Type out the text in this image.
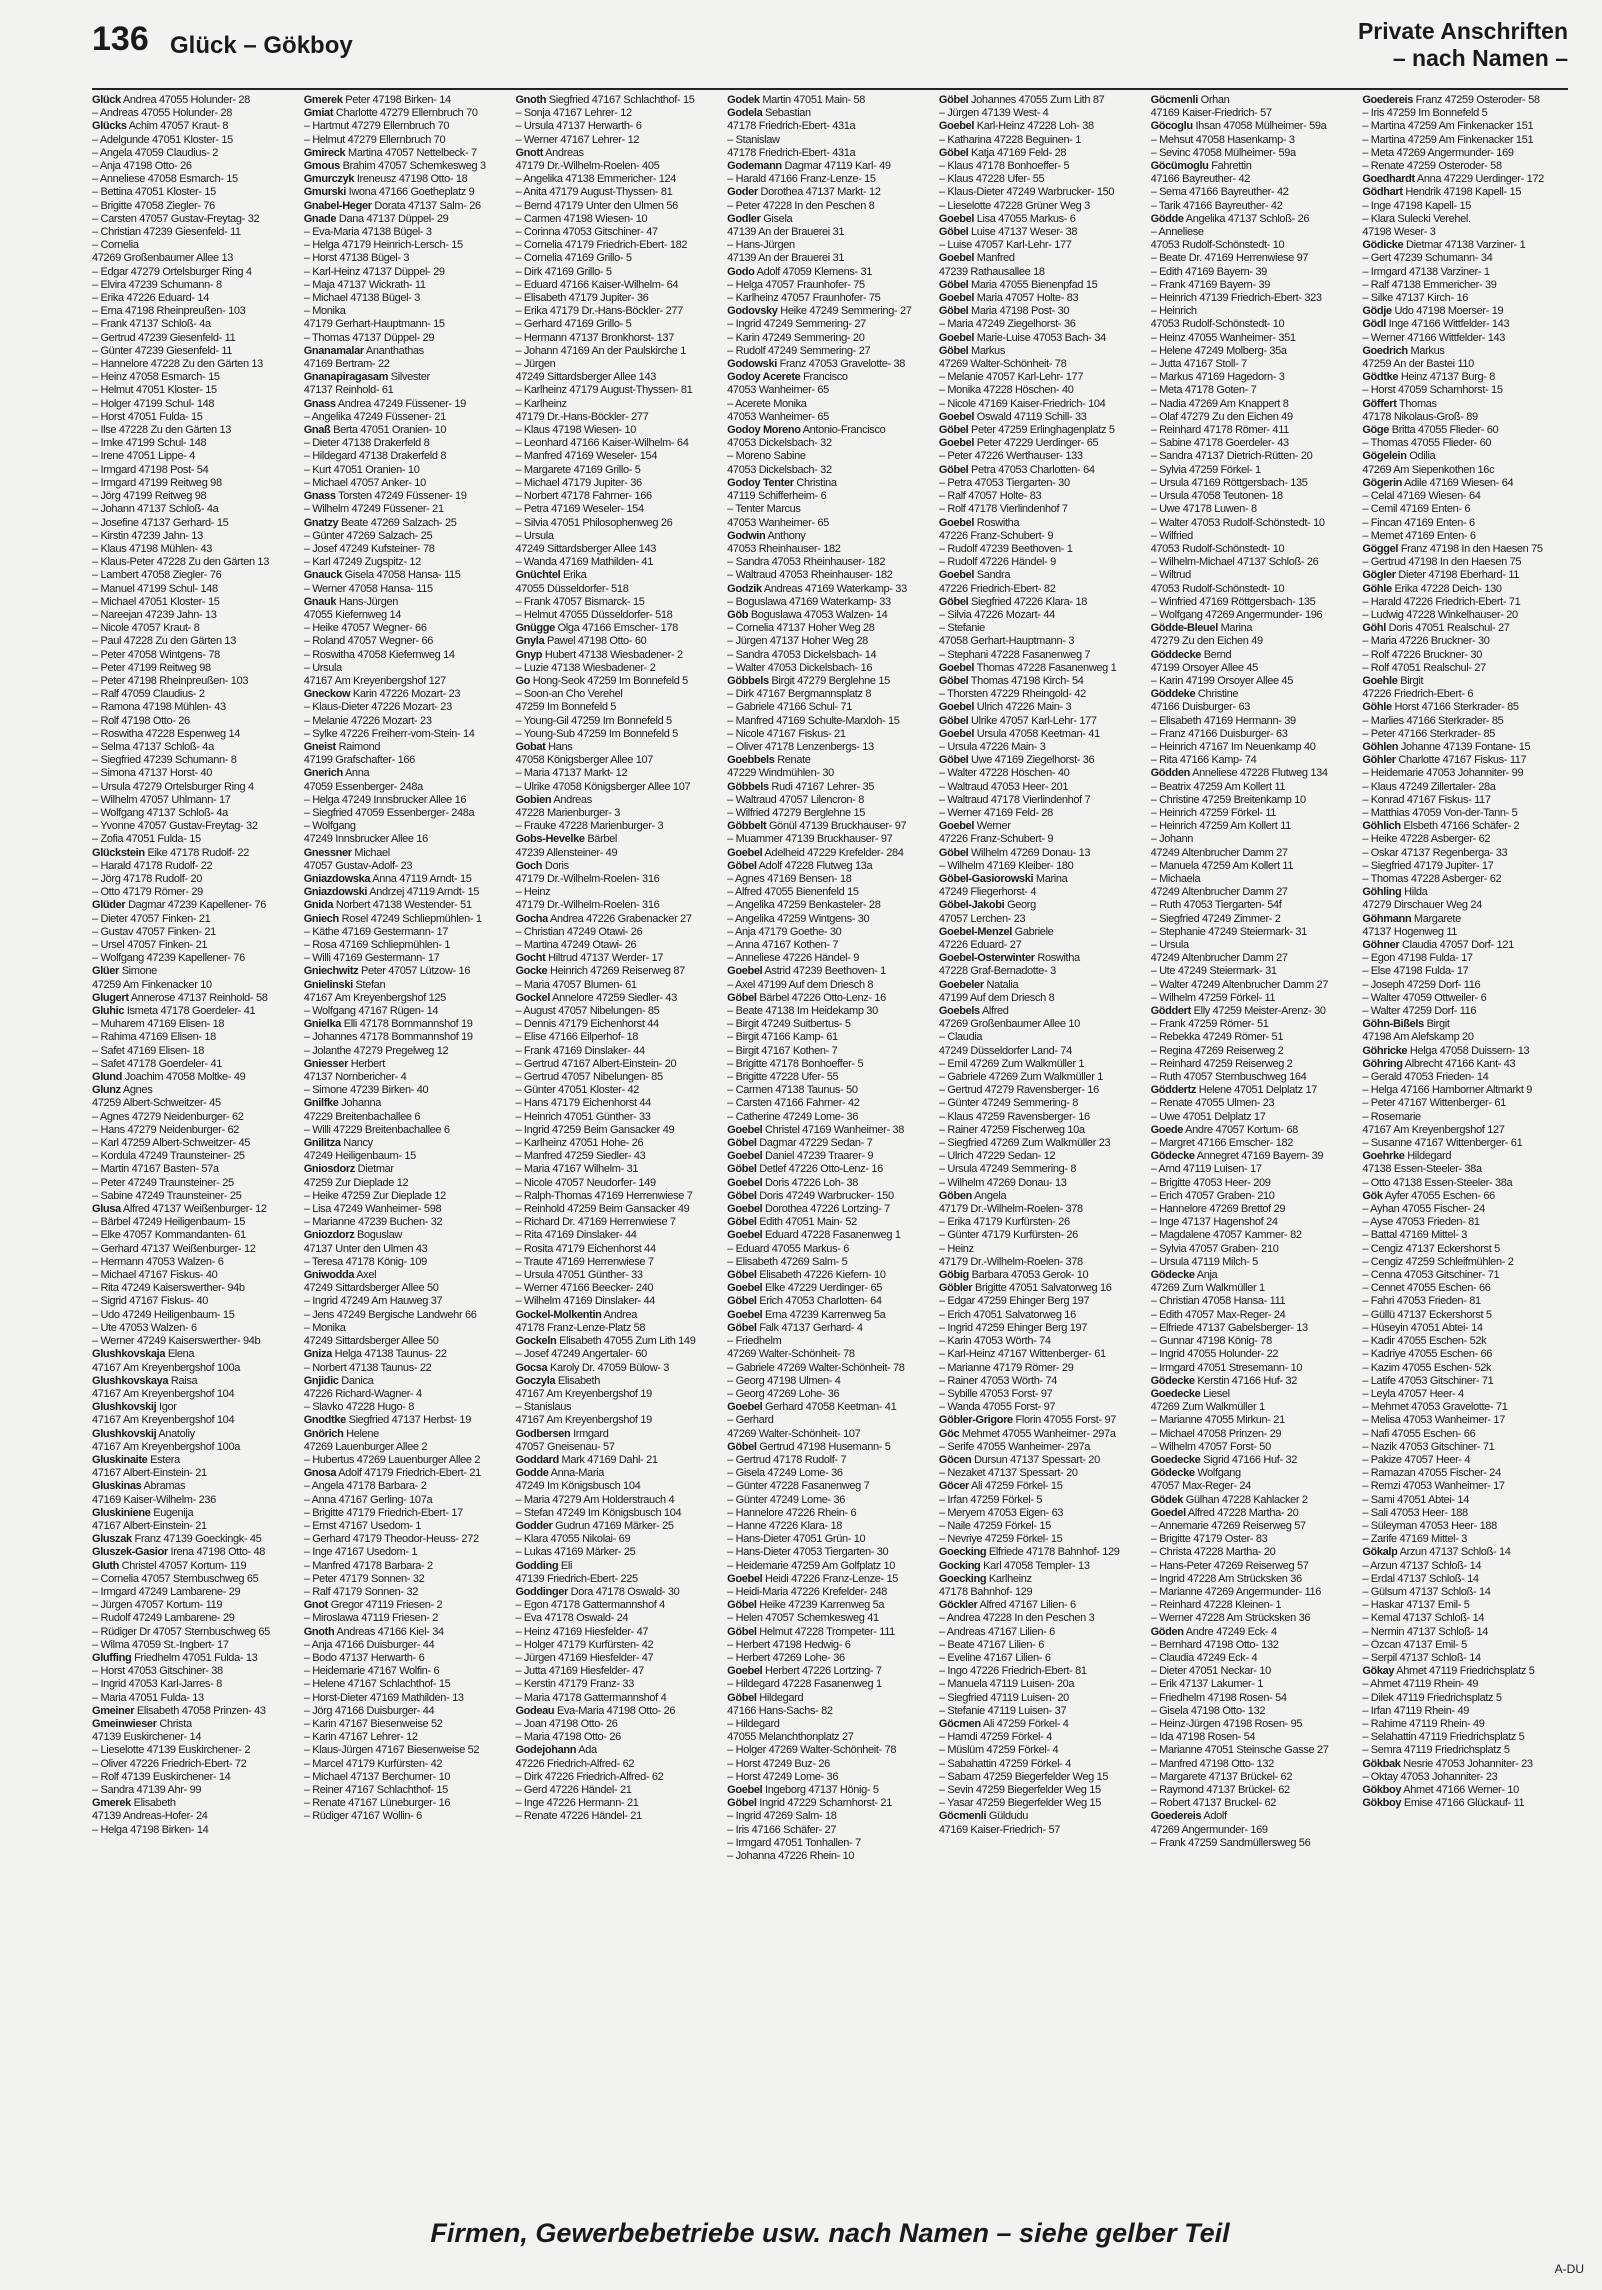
136 Glück – Gökboy
Private Anschriften
– nach Namen –
Glück Andrea 47055 Holunder- 28
– Andreas 47055 Holunder- 28
Glücks Achim 47057 Kraut- 8
– Adelgunde 47051 Kloster- 15
– Angela 47059 Claudius- 2
– Anja 47198 Otto- 26
– Anneliese 47058 Esmarch- 15
– Bettina 47051 Kloster- 15
– Brigitte 47058 Ziegler- 76
– Carsten 47057 Gustav-Freytag- 32
– Christian 47239 Giesenfeld- 11
– Cornelia
47269 Großenbaumer Allee 13
– Edgar 47279 Ortelsburger Ring 4
– Elvira 47239 Schumann- 8
– Erika 47226 Eduard- 14
– Erna 47198 Rheinpreußen- 103
– Frank 47137 Schloß- 4a
– Gertrud 47239 Giesenfeld- 11
– Günter 47239 Giesenfeld- 11
– Hannelore 47228 Zu den Gärten 13
– Heinz 47058 Esmarch- 15
– Helmut 47051 Kloster- 15
– Holger 47199 Schul- 148
– Horst 47051 Fulda- 15
– Ilse 47228 Zu den Gärten 13
– Imke 47199 Schul- 148
– Irene 47051 Lippe- 4
– Irmgard 47198 Post- 54
– Irmgard 47199 Reitweg 98
– Jörg 47199 Reitweg 98
– Johann 47137 Schloß- 4a
– Josefine 47137 Gerhard- 15
– Kirstin 47239 Jahn- 13
– Klaus 47198 Mühlen- 43
– Klaus-Peter 47228 Zu den Gärten 13
– Lambert 47058 Ziegler- 76
– Manuel 47199 Schul- 148
– Michael 47051 Kloster- 15
– Nareejan 47239 Jahn- 13
– Nicole 47057 Kraut- 8
– Paul 47228 Zu den Gärten 13
– Peter 47058 Wintgens- 78
– Peter 47199 Reitweg 98
– Peter 47198 Rheinpreußen- 103
– Ralf 47059 Claudius- 2
– Ramona 47198 Mühlen- 43
– Rolf 47198 Otto- 26
– Roswitha 47228 Espenweg 14
– Selma 47137 Schloß- 4a
– Siegfried 47239 Schumann- 8
– Simona 47137 Horst- 40
– Ursula 47279 Ortelsburger Ring 4
– Wilhelm 47057 Uhlmann- 17
– Wolfgang 47137 Schloß- 4a
– Yvonne 47057 Gustav-Freytag- 32
– Zofia 47051 Fulda- 15
Glückstein Eike 47178 Rudolf- 22
– Harald 47178 Rudolf- 22
– Jörg 47178 Rudolf- 20
– Otto 47179 Römer- 29
Glüder Dagmar 47239 Kapellener- 76
– Dieter 47057 Finken- 21
– Gustav 47057 Finken- 21
– Ursel 47057 Finken- 21
– Wolfgang 47239 Kapellener- 76
Glüer Simone
47259 Am Finkenacker 10
Glugert Annerose 47137 Reinhold- 58
Gluhic Ismeta 47178 Goerdeler- 41
– Muharem 47169 Elisen- 18
– Rahima 47169 Elisen- 18
– Safet 47169 Elisen- 18
– Safet 47178 Goerdeler- 41
Glund Joachim 47058 Moltke- 49
Glunz Agnes
47259 Albert-Schweitzer- 45
– Agnes 47279 Neidenburger- 62
– Hans 47279 Neidenburger- 62
– Karl 47259 Albert-Schweitzer- 45
– Kordula 47249 Traunsteiner- 25
– Martin 47167 Basten- 57a
– Peter 47249 Traunsteiner- 25
– Sabine 47249 Traunsteiner- 25
Glusa Alfred 47137 Weißenburger- 12
– Bärbel 47249 Heiligenbaum- 15
– Elke 47057 Kommandanten- 61
– Gerhard 47137 Weißenburger- 12
– Hermann 47053 Walzen- 6
– Michael 47167 Fiskus- 40
– Rita 47249 Kaiserswerther- 94b
– Sigrid 47167 Fiskus- 40
– Udo 47249 Heiligenbaum- 15
– Ute 47053 Walzen- 6
– Werner 47249 Kaiserswerther- 94b
Glushkovskaja Elena
47167 Am Kreyenbergshof 100a
Glushkovskaya Raisa
47167 Am Kreyenbergshof 104
Glushkovskij Igor
47167 Am Kreyenbergshof 104
Glushkovskij Anatoliy
47167 Am Kreyenbergshof 100a
Gluskinaite Estera
47167 Albert-Einstein- 21
Gluskinas Abramas
47169 Kaiser-Wilhelm- 236
Gluskiniene Eugenija
47167 Albert-Einstein- 21
Gluszak Franz 47139 Goeckingk- 45
Gluszek-Gasior Irena 47198 Otto- 48
Gluth Christel 47057 Kortum- 119
– Cornelia 47057 Sternbuschweg 65
– Irmgard 47249 Lambarene- 29
– Jürgen 47057 Kortum- 119
– Rudolf 47249 Lambarene- 29
– Rüdiger Dr 47057 Sternbuschweg 65
– Wilma 47059 St.-Ingbert- 17
Gluffing Friedhelm 47051 Fulda- 13
– Horst 47053 Gitschiner- 38
– Ingrid 47053 Karl-Jarres- 8
– Maria 47051 Fulda- 13
Gmeiner Elisabeth 47058 Prinzen- 43
Gmeinwieser Christa
47139 Euskirchener- 14
– Lieselotte 47139 Euskirchener- 2
– Oliver 47226 Friedrich-Ebert- 72
– Rolf 47139 Euskirchener- 14
– Sandra 47139 Ahr- 99
Gmerek Elisabeth
47139 Andreas-Hofer- 24
– Helga 47198 Birken- 14
Gmerek Peter 47198 Birken- 14
Gmiat Charlotte 47279 Ellernbruch 70
– Hartmut 47279 Ellernbruch 70
– Helmut 47279 Ellernbruch 70
Gmireck Martina 47057 Nettelbeck- 7
Gmous Brahim 47057 Schemkesweg 3
Gmurczyk Ireneusz 47198 Otto- 18
Gmurski Iwona 47166 Goetheplatz 9
Gnabel-Heger Dorata 47137 Salm- 26
Gnade Dana 47137 Düppel- 29
– Eva-Maria 47138 Bügel- 3
– Helga 47179 Heinrich-Lersch- 15
– Horst 47138 Bügel- 3
– Karl-Heinz 47137 Düppel- 29
– Maja 47137 Wickrath- 11
– Michael 47138 Bügel- 3
– Monika
47179 Gerhart-Hauptmann- 15
– Thomas 47137 Düppel- 29
Gnanamalar Ananthathas
47169 Bertram- 22
Gnanapiragasam Silvester
47137 Reinhold- 61
Gnass Andrea 47249 Füssener- 19
– Angelika 47249 Füssener- 21
Gnaß Berta 47051 Oranien- 10
– Dieter 47138 Drakerfeld 8
– Hildegard 47138 Drakerfeld 8
– Kurt 47051 Oranien- 10
– Michael 47057 Anker- 10
Gnass Torsten 47249 Füssener- 19
– Wilhelm 47249 Füssener- 21
Gnatzy Beate 47269 Salzach- 25
– Günter 47269 Salzach- 25
– Josef 47249 Kufsteiner- 78
– Karl 47249 Zugspitz- 12
Gnauck Gisela 47058 Hansa- 115
– Werner 47058 Hansa- 115
Gnauk Hans-Jürgen
47055 Kiefernweg 14
– Heike 47057 Wegner- 66
– Roland 47057 Wegner- 66
– Roswitha 47058 Kiefernweg 14
– Ursula
47167 Am Kreyenbergshof 127
Gneckow Karin 47226 Mozart- 23
– Klaus-Dieter 47226 Mozart- 23
– Melanie 47226 Mozart- 23
– Sylke 47226 Freiherr-vom-Stein- 14
Gneist Raimond
47199 Grafschafter- 166
Gnerich Anna
47059 Essenberger- 248a
– Helga 47249 Innsbrucker Allee 16
– Siegfried 47059 Essenberger- 248a
– Wolfgang
47249 Innsbrucker Allee 16
Gnessner Michael
47057 Gustav-Adolf- 23
Gniazdowska Anna 47119 Arndt- 15
Gniazdowski Andrzej 47119 Arndt- 15
Gnida Norbert 47138 Westender- 51
Gniech Rosel 47249 Schliepmühlen- 1
– Käthe 47169 Gestermann- 17
– Rosa 47169 Schliepmühlen- 1
– Willi 47169 Gestermann- 17
Gniechwitz Peter 47057 Lützow- 16
Gnielinski Stefan
47167 Am Kreyenbergshof 125
– Wolfgang 47167 Rügen- 14
Gnielka Elli 47178 Bommannshof 19
– Johannes 47178 Bommannshof 19
– Jolanthe 47279 Pregelweg 12
Gniesser Herbert
47137 Nornbericher- 4
– Simone 47239 Birken- 40
Gnilfke Johanna
47229 Breitenbachallee 6
– Willi 47229 Breitenbachallee 6
Gnilitza Nancy
47249 Heiligenbaum- 15
Gniosdorz Dietmar
47259 Zur Dieplade 12
– Heike 47259 Zur Dieplade 12
– Lisa 47249 Wanheimer- 598
– Marianne 47239 Buchen- 32
Gniozdorz Boguslaw
47137 Unter den Ulmen 43
– Teresa 47178 König- 109
Gniwodda Axel
47249 Sittardsberger Allee 50
– Ingrid 47249 Am Hauweg 37
– Jens 47249 Bergische Landwehr 66
– Monika
47249 Sittardsberger Allee 50
Gniza Helga 47138 Taunus- 22
– Norbert 47138 Taunus- 22
Gnjidic Danica
47226 Richard-Wagner- 4
– Slavko 47228 Hugo- 8
Gnodtke Siegfried 47137 Herbst- 19
Gnörich Helene
47269 Lauenburger Allee 2
– Hubertus 47269 Lauenburger Allee 2
Gnosa Adolf 47179 Friedrich-Ebert- 21
– Angela 47178 Barbara- 2
– Anna 47167 Gerling- 107a
– Brigitte 47179 Friedrich-Ebert- 17
– Ernst 47167 Usedom- 1
– Gerhard 47179 Theodor-Heuss- 272
– Inge 47167 Usedom- 1
– Manfred 47178 Barbara- 2
– Peter 47179 Sonnen- 32
– Ralf 47179 Sonnen- 32
Gnot Gregor 47119 Friesen- 2
– Miroslawa 47119 Friesen- 2
Gnoth Andreas 47166 Kiel- 34
– Anja 47166 Duisburger- 44
– Bodo 47137 Herwarth- 6
– Heidemarie 47167 Wolfin- 6
– Helene 47167 Schlachthof- 15
– Horst-Dieter 47169 Mathilden- 13
– Jörg 47166 Duisburger- 44
– Karin 47167 Biesenweise 52
– Karin 47167 Lehrer- 12
– Klaus-Jürgen 47167 Biesenweise 52
– Marcel 47179 Kurfürsten- 42
– Michael 47137 Berchumer- 10
– Reiner 47167 Schlachthof- 15
– Renate 47167 Lüneburger- 16
– Rüdiger 47167 Wollin- 6
Gnoth Siegfried 47167 Schlachthof- 15
– Sonja 47167 Lehrer- 12
– Ursula 47137 Herwarth- 6
– Werner 47167 Lehrer- 12
Gnott Andreas
47179 Dr.-Wilhelm-Roelen- 405
– Angelika 47138 Emmericher- 124
– Anita 47179 August-Thyssen- 81
– Bernd 47179 Unter den Ulmen 56
– Carmen 47198 Wiesen- 10
– Corinna 47053 Gitschiner- 47
– Cornelia 47179 Friedrich-Ebert- 182
– Cornelia 47169 Grillo- 5
– Dirk 47169 Grillo- 5
– Eduard 47166 Kaiser-Wilhelm- 64
– Elisabeth 47179 Jupiter- 36
– Erika 47179 Dr.-Hans-Böckler- 277
– Gerhard 47169 Grillo- 5
– Hermann 47137 Bronkhorst- 137
– Johann 47169 An der Paulskirche 1
– Jürgen
47249 Sittardsberger Allee 143
– Karlheinz 47179 August-Thyssen- 81
– Karlheinz
47179 Dr.-Hans-Böckler- 277
– Klaus 47198 Wiesen- 10
– Leonhard 47166 Kaiser-Wilhelm- 64
– Manfred 47169 Weseler- 154
– Margarete 47169 Grillo- 5
– Michael 47179 Jupiter- 36
– Norbert 47178 Fahrner- 166
– Petra 47169 Weseler- 154
– Silvia 47051 Philosophenweg 26
– Ursula
47249 Sittardsberger Allee 143
– Wanda 47169 Mathilden- 41
Gnüchtel Erika
47055 Düsseldorfer- 518
– Frank 47057 Bismarck- 15
– Helmut 47055 Düsseldorfer- 518
Gnügge Olga 47166 Emscher- 178
Gnyla Pawel 47198 Otto- 60
Gnyp Hubert 47138 Wiesbadener- 2
– Luzie 47138 Wiesbadener- 2
Go Hong-Seok 47259 Im Bonnefeld 5
– Soon-an Cho Verehel
47259 Im Bonnefeld 5
– Young-Gil 47259 Im Bonnefeld 5
– Young-Sub 47259 Im Bonnefeld 5
Gobat Hans
47058 Königsberger Allee 107
– Maria 47137 Markt- 12
– Ulrike 47058 Königsberger Allee 107
Gobien Andreas
47228 Marienburger- 3
– Frauke 47228 Marienburger- 3
Gobs-Hevelke Bärbel
47239 Allensteiner- 49
Goch Doris
47179 Dr.-Wilhelm-Roelen- 316
– Heinz
47179 Dr.-Wilhelm-Roelen- 316
Gocha Andrea 47226 Grabenacker 27
– Christian 47249 Otawi- 26
– Martina 47249 Otawi- 26
Gocht Hiltrud 47137 Werder- 17
Gocke Heinrich 47269 Reiserweg 87
– Maria 47057 Blumen- 61
Gockel Annelore 47259 Siedler- 43
– August 47057 Nibelungen- 85
– Dennis 47179 Eichenhorst 44
– Elise 47166 Eilperhof- 18
– Frank 47169 Dinslaker- 44
– Gertrud 47167 Albert-Einstein- 20
– Gertrud 47057 Nibelungen- 85
– Günter 47051 Kloster- 42
– Hans 47179 Eichenhorst 44
– Heinrich 47051 Günther- 33
– Ingrid 47259 Beim Gansacker 49
– Karlheinz 47051 Hohe- 26
– Manfred 47259 Siedler- 43
– Maria 47167 Wilhelm- 31
– Nicole 47057 Neudorfer- 149
– Ralph-Thomas 47169 Herrenwiese 7
– Reinhold 47259 Beim Gansacker 49
– Richard Dr. 47169 Herrenwiese 7
– Rita 47169 Dinslaker- 44
– Rosita 47179 Eichenhorst 44
– Traute 47169 Herrenwiese 7
– Ursula 47051 Günther- 33
– Werner 47166 Beecker- 240
– Wilhelm 47169 Dinslaker- 44
Gockel-Molkentin Andrea
47178 Franz-Lenze-Platz 58
Gockeln Elisabeth 47055 Zum Lith 149
– Josef 47249 Angertaler- 60
Gocsa Karoly Dr. 47059 Bülow- 3
Goczyla Elisabeth
47167 Am Kreyenbergshof 19
– Stanislaus
47167 Am Kreyenbergshof 19
Godbersen Irmgard
47057 Gneisenau- 57
Goddard Mark 47169 Dahl- 21
Godde Anna-Maria
47249 Im Königsbusch 104
– Maria 47279 Am Holderstrauch 4
– Stefan 47249 Im Königsbusch 104
Godder Gudrun 47169 Märker- 25
– Klara 47055 Nikolai- 69
– Lukas 47169 Märker- 25
Godding Eli
47139 Friedrich-Ebert- 225
Goddinger Dora 47178 Oswald- 30
– Egon 47178 Gattermannshof 4
– Eva 47178 Oswald- 24
– Heinz 47169 Hiesfelder- 47
– Holger 47179 Kurfürsten- 42
– Jürgen 47169 Hiesfelder- 47
– Jutta 47169 Hiesfelder- 47
– Kerstin 47179 Franz- 33
– Maria 47178 Gattermannshof 4
Godeau Eva-Maria 47198 Otto- 26
– Joan 47198 Otto- 26
– Maria 47198 Otto- 26
Godejohann Ada
47226 Friedrich-Alfred- 62
– Dirk 47226 Friedrich-Alfred- 62
– Gerd 47226 Händel- 21
– Inge 47226 Hermann- 21
– Renate 47226 Händel- 21
Godek Martin 47051 Main- 58
Godela Sebastian
47178 Friedrich-Ebert- 431a
– Stanislaw
47178 Friedrich-Ebert- 431a
Godemann Dagmar 47119 Karl- 49
– Harald 47166 Franz-Lenze- 15
Goder Dorothea 47137 Markt- 12
– Peter 47228 In den Peschen 8
Godler Gisela
47139 An der Brauerei 31
– Hans-Jürgen
47139 An der Brauerei 31
Godo Adolf 47059 Klemens- 31
– Helga 47057 Fraunhofer- 75
– Karlheinz 47057 Fraunhofer- 75
Godovsky Heike 47249 Semmering- 27
– Ingrid 47249 Semmering- 27
– Karin 47249 Semmering- 20
– Rudolf 47249 Semmering- 27
Godowski Franz 47053 Gravelotte- 38
Godoy Acerete Francisco
47053 Wanheimer- 65
– Acerete Monika
47053 Wanheimer- 65
Godoy Moreno Antonio-Francisco
47053 Dickelsbach- 32
– Moreno Sabine
47053 Dickelsbach- 32
Godoy Tenter Christina
47119 Schifferheim- 6
– Tenter Marcus
47053 Wanheimer- 65
Godwin Anthony
47053 Rheinhauser- 182
– Sandra 47053 Rheinhauser- 182
– Waltraud 47053 Rheinhauser- 182
Godzik Andreas 47169 Waterkamp- 33
– Boguslawa 47169 Waterkamp- 33
Göb Boguslawa 47053 Walzen- 14
– Cornelia 47137 Hoher Weg 28
– Jürgen 47137 Hoher Weg 28
– Sandra 47053 Dickelsbach- 14
– Walter 47053 Dickelsbach- 16
Göbbels Birgit 47279 Berglehne 15
– Dirk 47167 Bergmannsplatz 8
– Gabriele 47166 Schul- 71
– Manfred 47169 Schulte-Marxloh- 15
– Nicole 47167 Fiskus- 21
– Oliver 47178 Lenzenbergs- 13
Goebbels Renate
47229 Windmühlen- 30
Göbbels Rudi 47167 Lehrer- 35
– Waltraud 47057 Lilencron- 8
– Wilfried 47279 Berglehne 15
Göbbelt Gönül 47139 Bruckhauser- 97
– Muammer 47139 Bruckhauser- 97
Goebel Adelheid 47229 Krefelder- 284
Göbel Adolf 47228 Flutweg 13a
– Agnes 47169 Bensen- 18
– Alfred 47055 Bienenfeld 15
– Angelika 47259 Benkasteler- 28
– Angelika 47259 Wintgens- 30
– Anja 47179 Goethe- 30
– Anna 47167 Kothen- 7
– Anneliese 47226 Händel- 9
Goebel Astrid 47239 Beethoven- 1
– Axel 47199 Auf dem Driesch 8
Göbel Bärbel 47226 Otto-Lenz- 16
– Beate 47138 Im Heidekamp 30
– Birgit 47249 Suitbertus- 5
– Birgit 47166 Kamp- 61
– Birgit 47167 Kothen- 7
– Brigitte 47178 Bonhoeffer- 5
– Brigitte 47228 Ufer- 55
– Carmen 47138 Taunus- 50
– Carsten 47166 Fahrner- 42
– Catherine 47249 Lome- 36
Goebel Christel 47169 Wanheimer- 38
Göbel Dagmar 47229 Sedan- 7
Goebel Daniel 47239 Traarer- 9
Göbel Detlef 47226 Otto-Lenz- 16
Goebel Doris 47226 Loh- 38
Göbel Doris 47249 Warbrucker- 150
Goebel Dorothea 47226 Lortzing- 7
Göbel Edith 47051 Main- 52
Goebel Eduard 47228 Fasanenweg 1
– Eduard 47055 Markus- 6
– Elisabeth 47269 Salm- 5
Göbel Elisabeth 47226 Kiefern- 10
Goebel Elke 47229 Uerdinger- 65
Göbel Erich 47053 Charlotten- 64
Goebel Erna 47239 Karrenweg 5a
Göbel Falk 47137 Gerhard- 4
– Friedhelm
47269 Walter-Schönheit- 78
– Gabriele 47269 Walter-Schönheit- 78
– Georg 47198 Ulmen- 4
– Georg 47269 Lohe- 36
Goebel Gerhard 47058 Keetman- 41
– Gerhard
47269 Walter-Schönheit- 107
Göbel Gertrud 47198 Husemann- 5
– Gertrud 47178 Rudolf- 7
– Gisela 47249 Lome- 36
– Günter 47228 Fasanenweg 7
– Günter 47249 Lome- 36
– Hannelore 47226 Rhein- 6
– Hanne 47226 Klara- 18
– Hans-Dieter 47051 Grün- 10
– Hans-Dieter 47053 Tiergarten- 30
– Heidemarie 47259 Am Golfplatz 10
Goebel Heidi 47226 Franz-Lenze- 15
– Heidi-Maria 47226 Krefelder- 248
Göbel Heike 47239 Karrenweg 5a
– Helen 47057 Schemkesweg 41
Göbel Helmut 47228 Trompeter- 111
– Herbert 47198 Hedwig- 6
– Herbert 47269 Lohe- 36
Goebel Herbert 47226 Lortzing- 7
– Hildegard 47228 Fasanenweg 1
Göbel Hildegard
47166 Hans-Sachs- 82
– Hildegard
47055 Melanchthonplatz 27
– Holger 47269 Walter-Schönheit- 78
– Horst 47249 Buz- 26
– Horst 47249 Lome- 36
Goebel Ingeborg 47137 Hönig- 5
Göbel Ingrid 47229 Scharnhorst- 21
– Ingrid 47269 Salm- 18
– Iris 47166 Schäfer- 27
– Irmgard 47051 Tonhallen- 7
– Johanna 47226 Rhein- 10
Göbel Johannes 47055 Zum Lith 87
– Jürgen 47139 West- 4
Goebel Karl-Heinz 47228 Loh- 38
– Katharina 47228 Beguinen- 1
Göbel Katja 47169 Feld- 28
– Klaus 47178 Bonhoeffer- 5
– Klaus 47228 Ufer- 55
– Klaus-Dieter 47249 Warbrucker- 150
– Lieselotte 47228 Grüner Weg 3
Goebel Lisa 47055 Markus- 6
Göbel Luise 47137 Weser- 38
– Luise 47057 Karl-Lehr- 177
Goebel Manfred
47239 Rathausallee 18
Göbel Maria 47055 Bienenpfad 15
Goebel Maria 47057 Holte- 83
Göbel Maria 47198 Post- 30
– Maria 47249 Ziegelhorst- 36
Goebel Marie-Luise 47053 Bach- 34
Göbel Markus
47269 Walter-Schönheit- 78
– Melanie 47057 Karl-Lehr- 177
– Monika 47228 Höschen- 40
– Nicole 47169 Kaiser-Friedrich- 104
Goebel Oswald 47119 Schill- 33
Göbel Peter 47259 Erlinghagenplatz 5
Goebel Peter 47229 Uerdinger- 65
– Peter 47226 Werthauser- 133
Göbel Petra 47053 Charlotten- 64
– Petra 47053 Tiergarten- 30
– Ralf 47057 Holte- 83
– Rolf 47178 Vierlindenhof 7
Goebel Roswitha
47226 Franz-Schubert- 9
– Rudolf 47239 Beethoven- 1
– Rudolf 47226 Händel- 9
Goebel Sandra
47226 Friedrich-Ebert- 82
Göbel Siegfried 47226 Klara- 18
– Silvia 47226 Mozart- 44
– Stefanie
47058 Gerhart-Hauptmann- 3
– Stephani 47228 Fasanenweg 7
Goebel Thomas 47228 Fasanenweg 1
Göbel Thomas 47198 Kirch- 54
– Thorsten 47229 Rheingold- 42
Goebel Ulrich 47226 Main- 3
Göbel Ulrike 47057 Karl-Lehr- 177
Goebel Ursula 47058 Keetman- 41
– Ursula 47226 Main- 3
Göbel Uwe 47169 Ziegelhorst- 36
– Walter 47228 Höschen- 40
– Waltraud 47053 Heer- 201
– Waltraud 47178 Vierlindenhof 7
– Werner 47169 Feld- 28
Goebel Werner
47226 Franz-Schubert- 9
Göbel Wilhelm 47269 Donau- 13
– Wilhelm 47169 Kleiber- 180
Göbel-Gasiorowski Marina
47249 Fliegerhorst- 4
Göbel-Jakobi Georg
47057 Lerchen- 23
Goebel-Menzel Gabriele
47226 Eduard- 27
Goebel-Osterwinter Roswitha
47228 Graf-Bernadotte- 3
Goebeler Natalia
47199 Auf dem Driesch 8
Goebels Alfred
47269 Großenbaumer Allee 10
– Claudia
47249 Düsseldorfer Land- 74
– Emil 47269 Zum Walkmüller 1
– Gabriele 47269 Zum Walkmüller 1
– Gertrud 47279 Ravensberger- 16
– Günter 47249 Semmering- 8
– Klaus 47259 Ravensberger- 16
– Rainer 47259 Fischerweg 10a
– Siegfried 47269 Zum Walkmüller 23
– Ulrich 47229 Sedan- 12
– Ursula 47249 Semmering- 8
– Wilhelm 47269 Donau- 13
Göben Angela
47179 Dr.-Wilhelm-Roelen- 378
– Erika 47179 Kurfürsten- 26
– Günter 47179 Kurfürsten- 26
– Heinz
47179 Dr.-Wilhelm-Roelen- 378
Göbig Barbara 47053 Gerok- 10
Göbler Brigitte 47051 Salvatorweg 16
– Edgar 47259 Ehinger Berg 197
– Erich 47051 Salvatorweg 16
– Ingrid 47259 Ehinger Berg 197
– Karin 47053 Wörth- 74
– Karl-Heinz 47167 Wittenberger- 61
– Marianne 47179 Römer- 29
– Rainer 47053 Wörth- 74
– Sybille 47053 Forst- 97
– Wanda 47055 Forst- 97
Göbler-Grigore Florin 47055 Forst- 97
Göc Mehmet 47055 Wanheimer- 297a
– Serife 47055 Wanheimer- 297a
Göcen Dursun 47137 Spessart- 20
– Nezaket 47137 Spessart- 20
Göcer Ali 47259 Förkel- 15
– Irfan 47259 Förkel- 5
– Meryem 47053 Eigen- 63
– Naile 47259 Förkel- 15
– Nevriye 47259 Förkel- 15
Goecking Elfriede 47178 Bahnhof- 129
Gocking Karl 47058 Templer- 13
Goecking Karlheinz
47178 Bahnhof- 129
Göckler Alfred 47167 Lilien- 6
– Andrea 47228 In den Peschen 3
– Andreas 47167 Lilien- 6
– Beate 47167 Lilien- 6
– Eveline 47167 Lilien- 6
– Ingo 47226 Friedrich-Ebert- 81
– Manuela 47119 Luisen- 20a
– Siegfried 47119 Luisen- 20
– Stefanie 47119 Luisen- 37
Göcmen Ali 47259 Förkel- 4
– Hamdi 47259 Förkel- 4
– Müslüm 47259 Förkel- 4
– Sabahattin 47259 Förkel- 4
– Sabam 47259 Biegerfelder Weg 15
– Sevin 47259 Biegerfelder Weg 15
– Yasar 47259 Biegerfelder Weg 15
Göcmenli Güldudu
47169 Kaiser-Friedrich- 57
Göcmenli Orhan
47169 Kaiser-Friedrich- 57
Göcoglu Ihsan 47058 Mülheimer- 59a
– Mehsut 47058 Hasenkamp- 3
– Sevinc 47058 Mülheimer- 59a
Göcümoglu Fahrettin
47166 Bayreuther- 42
– Sema 47166 Bayreuther- 42
– Tarik 47166 Bayreuther- 42
Gödde Angelika 47137 Schloß- 26
– Anneliese
47053 Rudolf-Schönstedt- 10
– Beate Dr. 47169 Herrenwiese 97
– Edith 47169 Bayern- 39
– Frank 47169 Bayern- 39
– Heinrich 47139 Friedrich-Ebert- 323
– Heinrich
47053 Rudolf-Schönstedt- 10
– Heinz 47055 Wanheimer- 351
– Helene 47249 Molberg- 35a
– Jutta 47167 Stoll- 7
– Markus 47169 Hagedorn- 3
– Meta 47178 Goten- 7
– Nadia 47269 Am Knappert 8
– Olaf 47279 Zu den Eichen 49
– Reinhard 47178 Römer- 411
– Sabine 47178 Goerdeler- 43
– Sandra 47137 Dietrich-Rütten- 20
– Sylvia 47259 Förkel- 1
– Ursula 47169 Röttgersbach- 135
– Ursula 47058 Teutonen- 18
– Uwe 47178 Luwen- 8
– Walter 47053 Rudolf-Schönstedt- 10
– Wilfried
47053 Rudolf-Schönstedt- 10
– Wilhelm-Michael 47137 Schloß- 26
– Wiltrud
47053 Rudolf-Schönstedt- 10
– Winfried 47169 Röttgersbach- 135
– Wolfgang 47269 Angermunder- 196
Gödde-Bleuel Marina
47279 Zu den Eichen 49
Göddecke Bernd
47199 Orsoyer Allee 45
– Karin 47199 Orsoyer Allee 45
Göddeke Christine
47166 Duisburger- 63
– Elisabeth 47169 Hermann- 39
– Franz 47166 Duisburger- 63
– Heinrich 47167 Im Neuenkamp 40
– Rita 47166 Kamp- 74
Gödden Anneliese 47228 Flutweg 134
– Beatrix 47259 Am Kollert 11
– Christine 47259 Breitenkamp 10
– Heinrich 47259 Förkel- 11
– Heinrich 47259 Am Kollert 11
– Johann
47249 Altenbrucher Damm 27
– Manuela 47259 Am Kollert 11
– Michaela
47249 Altenbrucher Damm 27
– Ruth 47053 Tiergarten- 54f
– Siegfried 47249 Zimmer- 2
– Stephanie 47249 Steiermark- 31
– Ursula
47249 Altenbrucher Damm 27
– Ute 47249 Steiermark- 31
– Walter 47249 Altenbrucher Damm 27
– Wilhelm 47259 Förkel- 11
Göddert Elly 47259 Meister-Arenz- 30
– Frank 47259 Römer- 51
– Rebekka 47249 Römer- 51
– Regina 47269 Reiserweg 2
– Reinhard 47259 Reiserweg 2
– Ruth 47057 Sternbuschweg 164
Göddertz Helene 47051 Delplatz 17
– Renate 47055 Ulmen- 23
– Uwe 47051 Delplatz 17
Goede Andre 47057 Kortum- 68
– Margret 47166 Emscher- 182
Gödecke Annegret 47169 Bayern- 39
– Arnd 47119 Luisen- 17
– Brigitte 47053 Heer- 209
– Erich 47057 Graben- 210
– Hannelore 47269 Brettof 29
– Inge 47137 Hagenshof 24
– Magdalene 47057 Kammer- 82
– Sylvia 47057 Graben- 210
– Ursula 47119 Milch- 5
Gödecke Anja
47269 Zum Walkmüller 1
– Christian 47058 Hansa- 111
– Edith 47057 Max-Reger- 24
– Elfriede 47137 Gabelsberger- 13
– Gunnar 47198 König- 78
– Ingrid 47055 Holunder- 22
– Irmgard 47051 Stresemann- 10
Gödecke Kerstin 47166 Huf- 32
Goedecke Liesel
47269 Zum Walkmüller 1
– Marianne 47055 Mirkun- 21
– Michael 47058 Prinzen- 29
– Wilhelm 47057 Forst- 50
Goedecke Sigrid 47166 Huf- 32
Gödecke Wolfgang
47057 Max-Reger- 24
Gödek Gülhan 47228 Kahlacker 2
Goedel Alfred 47228 Martha- 20
– Annemarie 47269 Reiserweg 57
– Brigitte 47179 Oster- 83
– Christa 47228 Martha- 20
– Hans-Peter 47269 Reiserweg 57
– Ingrid 47228 Am Strücksken 36
– Marianne 47269 Angermunder- 116
– Reinhard 47228 Kleinen- 1
– Werner 47228 Am Strücksken 36
Göden Andre 47249 Eck- 4
– Bernhard 47198 Otto- 132
– Claudia 47249 Eck- 4
– Dieter 47051 Neckar- 10
– Erik 47137 Lakumer- 1
– Friedhelm 47198 Rosen- 54
– Gisela 47198 Otto- 132
– Heinz-Jürgen 47198 Rosen- 95
– Ida 47198 Rosen- 54
– Marianne 47051 Steinsche Gasse 27
– Manfred 47198 Otto- 132
– Margarete 47137 Brückel- 62
– Raymond 47137 Brückel- 62
– Robert 47137 Bruckel- 62
Goedereis Adolf
47269 Angermunder- 169
– Frank 47259 Sandmüllersweg 56
Goedereis Franz 47259 Osteroder- 58
– Iris 47259 Im Bonnefeld 5
– Martina 47259 Am Finkenacker 151
– Martina 47259 Am Finkenacker 151
– Meta 47269 Angermunder- 169
– Renate 47259 Osteroder- 58
Goedhardt Anna 47229 Uerdinger- 172
Gödhart Hendrik 47198 Kapell- 15
– Inge 47198 Kapell- 15
– Klara Sulecki Verehel.
47198 Weser- 3
Gödicke Dietmar 47138 Varziner- 1
– Gert 47239 Schumann- 34
– Irmgard 47138 Varziner- 1
– Ralf 47138 Emmericher- 39
– Silke 47137 Kirch- 16
Gödje Udo 47198 Moerser- 19
Gödl Inge 47166 Wittfelder- 143
– Werner 47166 Wittfelder- 143
Goedrich Markus
47259 An der Bastei 110
Gödtke Heinz 47137 Burg- 8
– Horst 47059 Scharnhorst- 15
Göffert Thomas
47178 Nikolaus-Groß- 89
Göge Britta 47055 Flieder- 60
– Thomas 47055 Flieder- 60
Gögelein Odilia
47269 Am Siepenkothen 16c
Gögerin Adile 47169 Wiesen- 64
– Celal 47169 Wiesen- 64
– Cemil 47169 Enten- 6
– Fincan 47169 Enten- 6
– Memet 47169 Enten- 6
Göggel Franz 47198 In den Haesen 75
– Gertrud 47198 In den Haesen 75
Gögler Dieter 47198 Eberhard- 11
Göhle Erika 47228 Deich- 130
– Harald 47226 Friedrich-Ebert- 71
– Ludwig 47228 Winkelhauser- 20
Göhl Doris 47051 Realschul- 27
– Maria 47226 Bruckner- 30
– Rolf 47226 Bruckner- 30
– Rolf 47051 Realschul- 27
Goehle Birgit
47226 Friedrich-Ebert- 6
Göhle Horst 47166 Sterkrader- 85
– Marlies 47166 Sterkrader- 85
– Peter 47166 Sterkrader- 85
Göhlen Johanne 47139 Fontane- 15
Göhler Charlotte 47167 Fiskus- 117
– Heidemarie 47053 Johanniter- 99
– Klaus 47249 Zillertaler- 28a
– Konrad 47167 Fiskus- 117
– Matthias 47059 Von-der-Tann- 5
Göhlich Elsbeth 47166 Schäfer- 2
– Heike 47228 Asberger- 62
– Oskar 47137 Regenberga- 33
– Siegfried 47179 Jupiter- 17
– Thomas 47228 Asberger- 62
Göhling Hilda
47279 Dirschauer Weg 24
Göhmann Margarete
47137 Hogenweg 11
Göhner Claudia 47057 Dorf- 121
– Egon 47198 Fulda- 17
– Else 47198 Fulda- 17
– Joseph 47259 Dorf- 116
– Walter 47059 Ottweiler- 6
– Walter 47259 Dorf- 116
Göhn-Bißels Birgit
47198 Am Alefskamp 20
Göhricke Helga 47058 Duissern- 13
Göhring Albrecht 47166 Kant- 43
– Gerald 47053 Frieden- 14
– Helga 47166 Hamborner Altmarkt 9
– Peter 47167 Wittenberger- 61
– Rosemarie
47167 Am Kreyenbergshof 127
– Susanne 47167 Wittenberger- 61
Goehrke Hildegard
47138 Essen-Steeler- 38a
– Otto 47138 Essen-Steeler- 38a
Gök Ayfer 47055 Eschen- 66
– Ayhan 47055 Fischer- 24
– Ayse 47053 Frieden- 81
– Battal 47169 Mittel- 3
– Cengiz 47137 Eckershorst 5
– Cengiz 47259 Schleifmühlen- 2
– Cenna 47053 Gitschiner- 71
– Cennet 47055 Eschen- 66
– Fahri 47053 Frieden- 81
– Güllü 47137 Eckershorst 5
– Hüseyin 47051 Abtei- 14
– Kadir 47055 Eschen- 52k
– Kadriye 47055 Eschen- 66
– Kazim 47055 Eschen- 52k
– Latife 47053 Gitschiner- 71
– Leyla 47057 Heer- 4
– Mehmet 47053 Gravelotte- 71
– Melisa 47053 Wanheimer- 17
– Nafi 47055 Eschen- 66
– Nazik 47053 Gitschiner- 71
– Pakize 47057 Heer- 4
– Ramazan 47055 Fischer- 24
– Remzi 47053 Wanheimer- 17
– Sami 47051 Abtei- 14
– Sali 47053 Heer- 188
– Süleyman 47053 Heer- 188
– Zarife 47169 Mittel- 3
Gökalp Arzun 47137 Schloß- 14
– Arzun 47137 Schloß- 14
– Erdal 47137 Schloß- 14
– Gülsum 47137 Schloß- 14
– Haskar 47137 Emil- 5
– Kemal 47137 Schloß- 14
– Nermin 47137 Schloß- 14
– Özcan 47137 Emil- 5
– Serpil 47137 Schloß- 14
Gökay Ahmet 47119 Friedrichsplatz 5
– Ahmet 47119 Rhein- 49
– Dilek 47119 Friedrichsplatz 5
– Irfan 47119 Rhein- 49
– Rahime 47119 Rhein- 49
– Selahattin 47119 Friedrichsplatz 5
– Semra 47119 Friedrichsplatz 5
Gökbak Nesrie 47053 Johanniter- 23
– Oktay 47053 Johanniter- 23
Gökboy Ahmet 47166 Werner- 10
Gökboy Emise 47166 Glückauf- 11
Firmen, Gewerbebetriebe usw. nach Namen – siehe gelber Teil
A-DU
